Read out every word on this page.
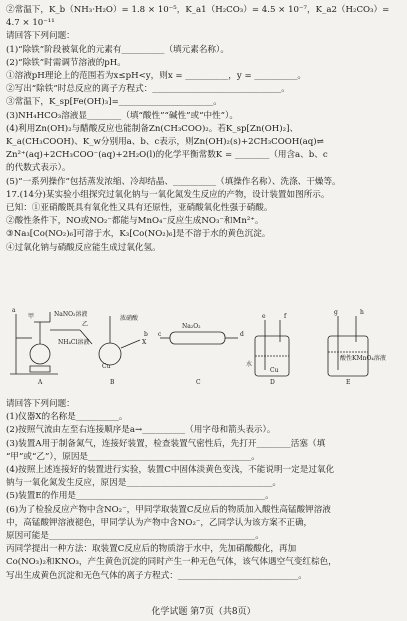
②常温下，K_b（NH₃·H₂O）= 1.8 × 10⁻⁵，K_a1（H₂CO₃）= 4.5 × 10⁻⁷，K_a2（H₂CO₃）=
4.7 × 10⁻¹¹
请回答下列问题：
(1)“除铁”阶段被氧化的元素有__________（填元素名称）。
(2)“除铁”时需调节溶液的pH。
①溶液pH理论上的范围若为x≤pH<y，则x = __________，y = __________。
②写出“除铁”时总反应的离子方程式：______________________________。
③常温下，K_sp[Fe(OH)₃]=______________________。
(3)NH₄HCO₃溶液显________（填“酸性”“碱性”或“中性”）。
(4)利用Zn(OH)₂与醋酸反应也能制备Zn(CH₃COO)₂。若K_sp[Zn(OH)₂]、
K_a(CH₃COOH)、K_w分别用a、b、c表示，则Zn(OH)₂(s)+2CH₃COOH(aq)⇌
Zn²⁺(aq)+2CH₃COO⁻(aq)+2H₂O(l)的化学平衡常数K = ________（用含a、b、c
的代数式表示）。
(5)“一系列操作”包括蒸发浓缩、冷却结晶、__________（填操作名称）、洗涤、干燥等。
17.(14分)某实验小组探究过氧化钠与一氧化氮发生反应的产物，设计装置如图所示。
已知：①亚硝酸既具有氧化性又具有还原性，亚硝酸氧化性强于硝酸。
②酸性条件下，NO或NO₂⁻都能与MnO₄⁻反应生成NO₃⁻和Mn²⁺。
③Na₃[Co(NO₂)₆]可溶于水，K₃[Co(NO₂)₆]是不溶于水的黄色沉淀。
④过氧化钠与硝酸反应能生成过氧化氢。
甲	NaNO₂溶液
乙
NH₄Cl溶液
Cu
浓硝酸
X
Na₂O₂
水
Cu
酸性KMnO₄溶液
a
b c	d
e	f
g	h
A	B	C	D	E
请回答下列问题：
(1)仪器X的名称是__________。
(2)按照气流由左至右连接顺序是a→__________（用字母和箭头表示）。
(3)装置A用于制备氮气，连接好装置，检查装置气密性后，先打开________活塞（填
“甲”或“乙”），原因是______________________________________。
(4)按照上述连接好的装置进行实验，装置C中固体淡黄色变浅，不能说明一定是过氧化
钠与一氧化氮发生反应，原因是__________________________________。
(5)装置E的作用是____________________________________________。
(6)为了检验反应产物中含NO₂⁻，甲同学取装置C反应后的物质加入酸性高锰酸钾溶液
中，高锰酸钾溶液褪色，甲同学认为产物中含NO₂⁻，乙同学认为该方案不正确，
原因可能是________________________________________________。
丙同学提出一种方法：取装置C反应后的物质溶于水中，先加硝酸酸化，再加
Co(NO₃)₂和KNO₃，产生黄色沉淀的同时产生一种无色气体，该气体遇空气变红棕色，
写出生成黄色沉淀和无色气体的离子方程式：____________________________。
化学试题 第7页（共8页）
